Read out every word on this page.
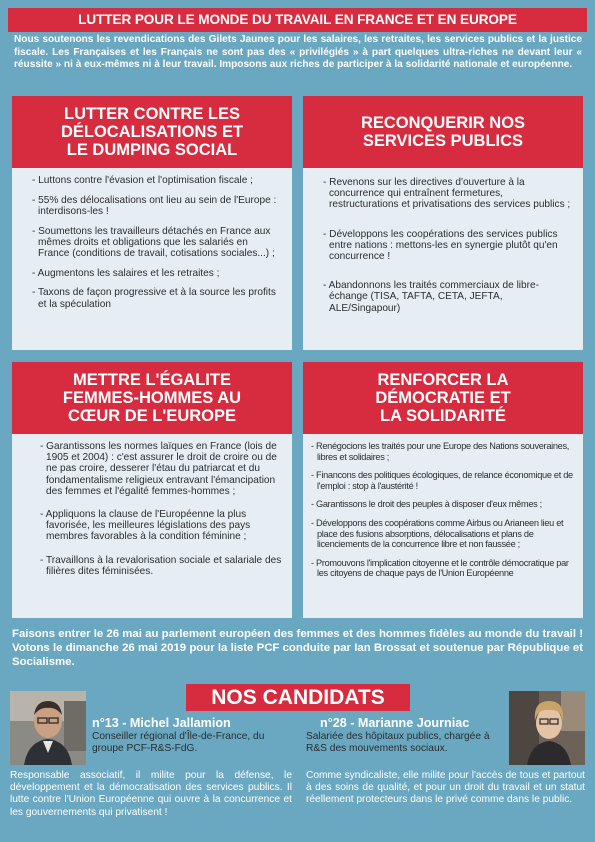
LUTTER POUR LE MONDE DU TRAVAIL EN FRANCE ET EN EUROPE
Nous soutenons les revendications des Gilets Jaunes pour les salaires, les retraites, les services publics et la justice fiscale. Les Françaises et les Français ne sont pas des « privilégiés » à part quelques ultra-riches ne devant leur « réussite » ni à eux-mêmes ni à leur travail. Imposons aux riches de participer à la solidarité nationale et européenne.
LUTTER CONTRE LES
DÉLOCALISATIONS ET
LE DUMPING SOCIAL
- Luttons contre l'évasion et l'optimisation fiscale ;
- 55% des délocalisations ont lieu au sein de l'Europe : interdisons-les !
- Soumettons les travailleurs détachés en France aux mêmes droits et obligations que les salariés en France (conditions de travail, cotisations sociales...) ;
- Augmentons les salaires et les retraites ;
- Taxons de façon progressive et à la source les profits et la spéculation
RECONQUERIR NOS
SERVICES PUBLICS
- Revenons sur les directives d'ouverture à la concurrence qui entraînent fermetures, restructurations et privatisations des services publics ;
- Développons les coopérations des services publics entre nations : mettons-les en synergie plutôt qu'en concurrence !
- Abandonnons les traités commerciaux de libre-échange (TISA, TAFTA, CETA, JEFTA, ALE/Singapour)
METTRE L'ÉGALITE
FEMMES-HOMMES AU
CŒUR DE L'EUROPE
- Garantissons les normes laïques en France (lois de 1905 et 2004) : c'est assurer le droit de croire ou de ne pas croire, desserer l'étau du patriarcat et du fondamentalisme religieux entravant l'émancipation des femmes et l'égalité femmes-hommes ;
- Appliquons la clause de l'Européenne la plus favorisée, les meilleures législations des pays membres favorables à la condition féminine ;
- Travaillons à la revalorisation sociale et salariale des filières dites féminisées.
RENFORCER LA
DÉMOCRATIE ET
LA SOLIDARITÉ
- Renégocions les traités pour une Europe des Nations souveraines, libres et solidaires ;
- Financons des politiques écologiques, de relance économique et de l'emploi : stop à l'austérité !
- Garantissons le droit des peuples à disposer d'eux mêmes ;
- Développons des coopérations comme Airbus ou Arianeen lieu et place des fusions absorptions, délocalisations et plans de licenciements de la concurrence libre et non faussée ;
- Promouvons l'implication citoyenne et le contrôle démocratique par les citoyens de chaque pays de l'Union Européenne
Faisons entrer le 26 mai au parlement européen des femmes et des hommes fidèles au monde du travail ! Votons le dimanche 26 mai 2019 pour la liste PCF conduite par Ian Brossat et soutenue par République et Socialisme.
NOS CANDIDATS
n°13 - Michel Jallamion
Conseiller régional d'Île-de-France, du groupe PCF-R&S-FdG.
Responsable associatif, il milite pour la défense, le développement et la démocratisation des services publics. Il lutte contre l'Union Européenne qui ouvre à la concurrence et les gouvernements qui privatisent !
n°28 - Marianne Journiac
Salariée des hôpitaux publics, chargée à R&S des mouvements sociaux.
Comme syndicaliste, elle milite pour l'accès de tous et partout à des soins de qualité, et pour un droit du travail et un statut réellement protecteurs dans le privé comme dans le public.
